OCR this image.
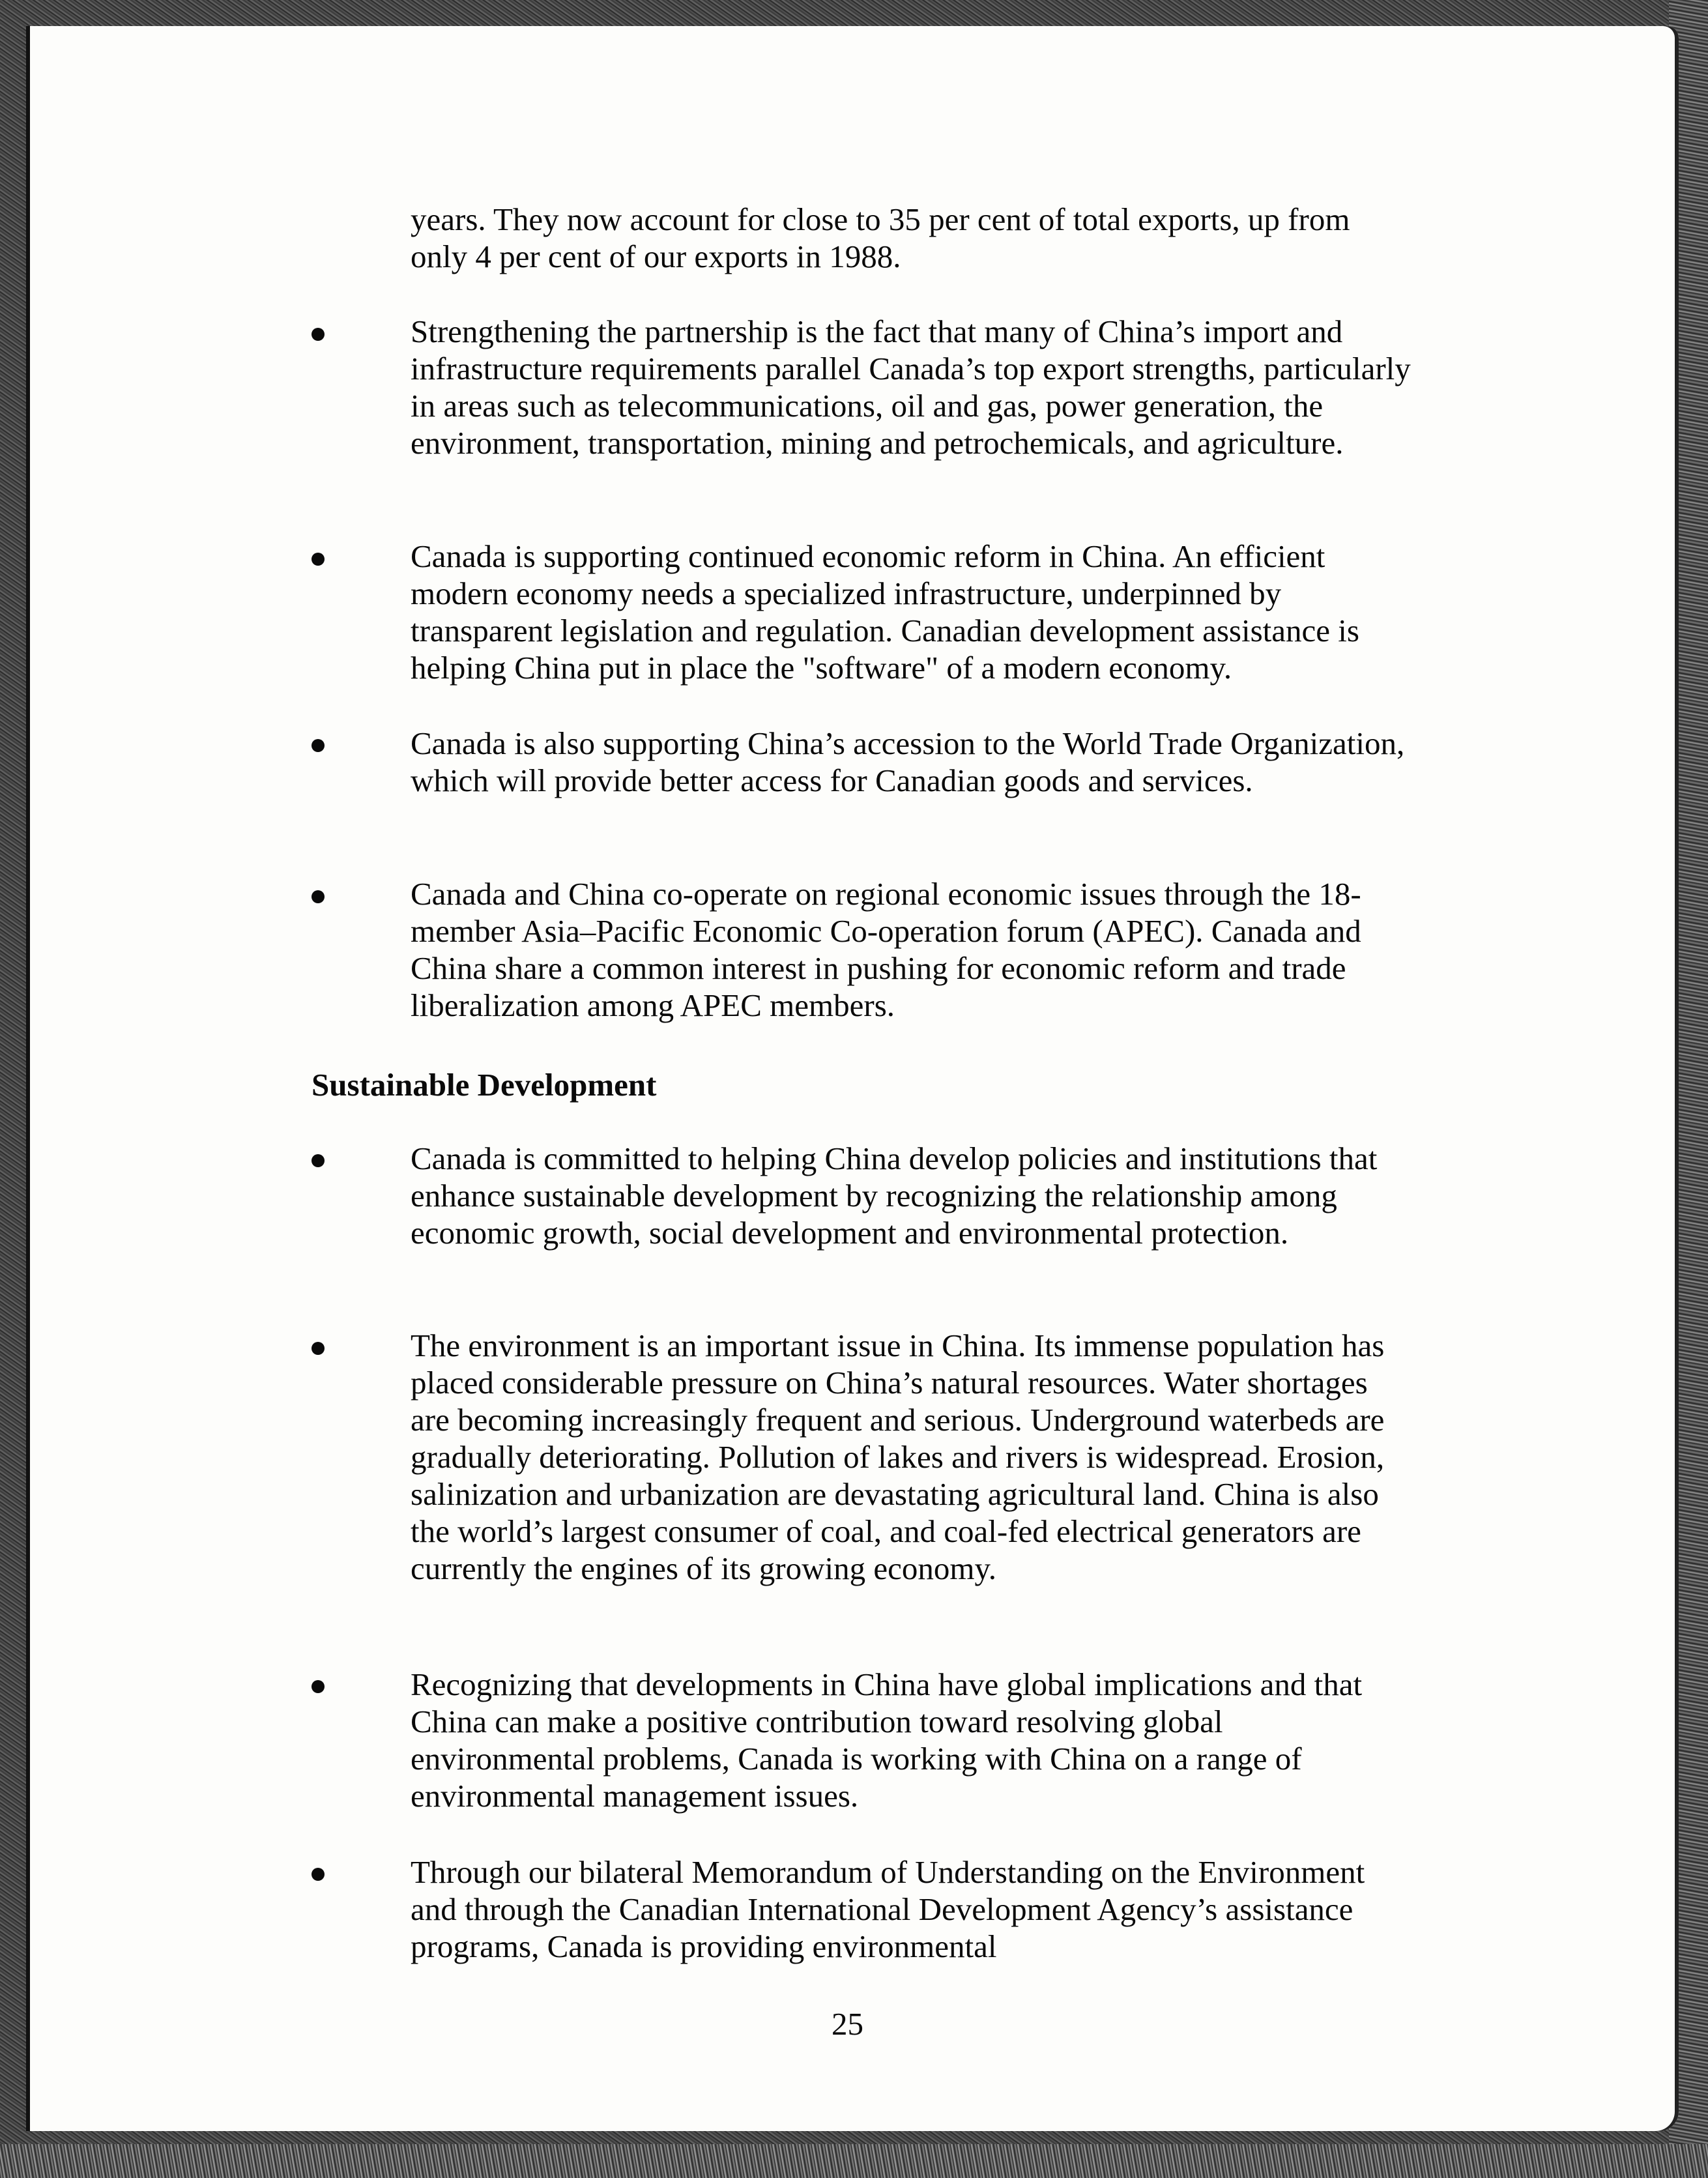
years. They now account for close to 35 per cent of total exports, up from only 4 per cent of our exports in 1988.

Strengthening the partnership is the fact that many of China’s import and infrastructure requirements parallel Canada’s top export strengths, particularly in areas such as telecommunications, oil and gas, power generation, the environment, transportation, mining and petrochemicals, and agriculture.

Canada is supporting continued economic reform in China. An efficient modern economy needs a specialized infrastructure, underpinned by transparent legislation and regulation. Canadian development assistance is helping China put in place the "software" of a modern economy.

Canada is also supporting China’s accession to the World Trade Organization, which will provide better access for Canadian goods and services.

Canada and China co-operate on regional economic issues through the 18-member Asia–Pacific Economic Co-operation forum (APEC). Canada and China share a common interest in pushing for economic reform and trade liberalization among APEC members.

Sustainable Development

Canada is committed to helping China develop policies and institutions that enhance sustainable development by recognizing the relationship among economic growth, social development and environmental protection.

The environment is an important issue in China. Its immense population has placed considerable pressure on China’s natural resources. Water shortages are becoming increasingly frequent and serious. Underground waterbeds are gradually deteriorating. Pollution of lakes and rivers is widespread. Erosion, salinization and urbanization are devastating agricultural land. China is also the world’s largest consumer of coal, and coal-fed electrical generators are currently the engines of its growing economy.

Recognizing that developments in China have global implications and that China can make a positive contribution toward resolving global environmental problems, Canada is working with China on a range of environmental management issues.

Through our bilateral Memorandum of Understanding on the Environment and through the Canadian International Development Agency’s assistance programs, Canada is providing environmental

25
